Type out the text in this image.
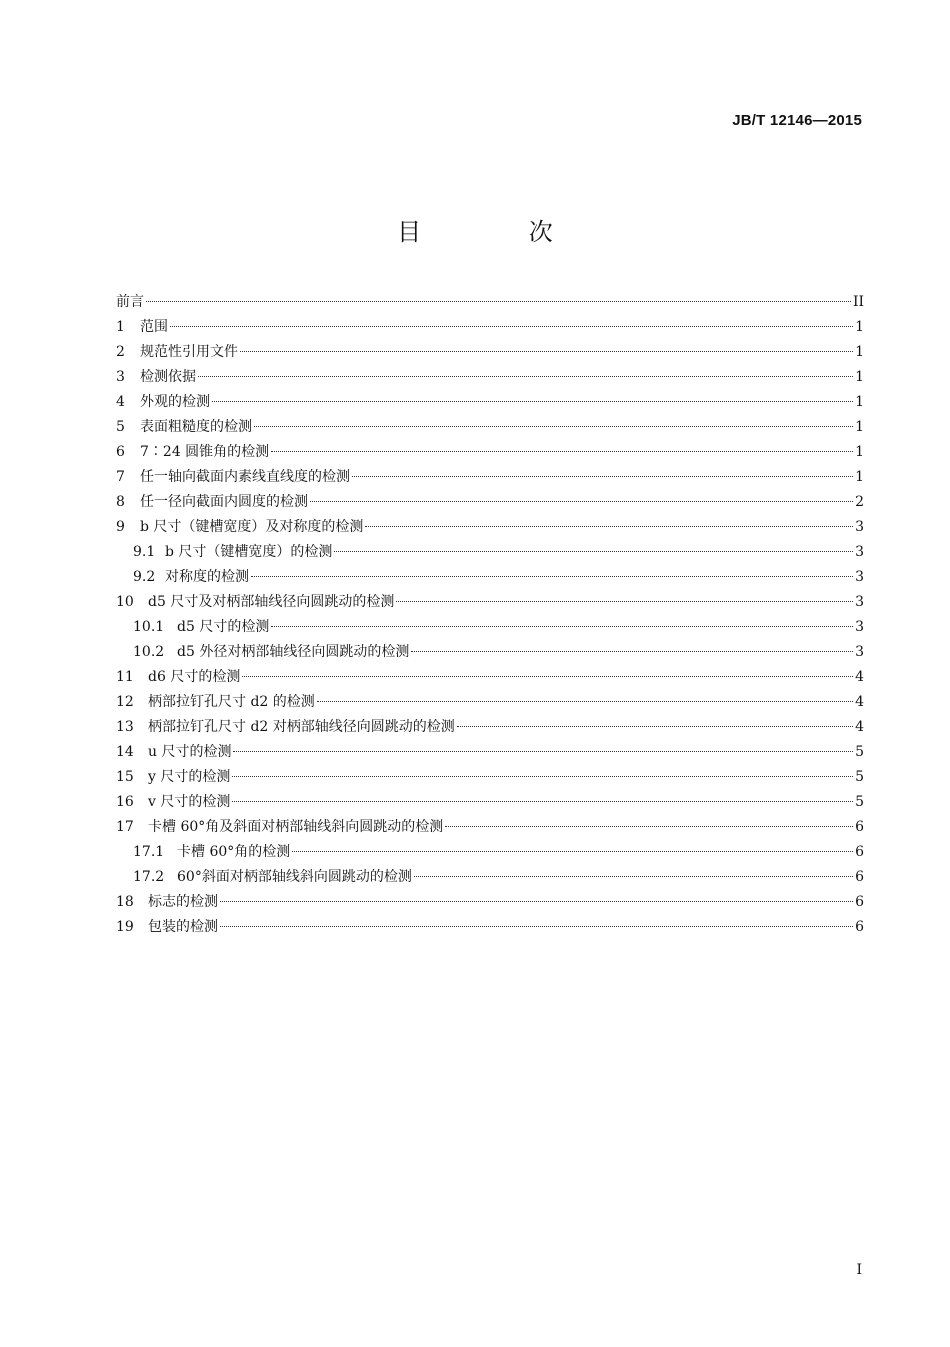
JB/T 12146—2015
目 次
前言	II
1	范围	1
2	规范性引用文件	1
3	检测依据	1
4	外观的检测	1
5	表面粗糙度的检测	1
6	7∶24 圆锥角的检测	1
7	任一轴向截面内素线直线度的检测	1
8	任一径向截面内圆度的检测	2
9	b 尺寸（键槽宽度）及对称度的检测	3
9.1 b 尺寸（键槽宽度）的检测	3
9.2 对称度的检测	3
10	d5 尺寸及对柄部轴线径向圆跳动的检测	3
10.1 d5 尺寸的检测	3
10.2 d5 外径对柄部轴线径向圆跳动的检测	3
11	d6 尺寸的检测	4
12	柄部拉钉孔尺寸 d2 的检测	4
13	柄部拉钉孔尺寸 d2 对柄部轴线径向圆跳动的检测	4
14	u 尺寸的检测	5
15	y 尺寸的检测	5
16	v 尺寸的检测	5
17	卡槽 60°角及斜面对柄部轴线斜向圆跳动的检测	6
17.1 卡槽 60°角的检测	6
17.2 60°斜面对柄部轴线斜向圆跳动的检测	6
18	标志的检测	6
19	包装的检测	6
I
